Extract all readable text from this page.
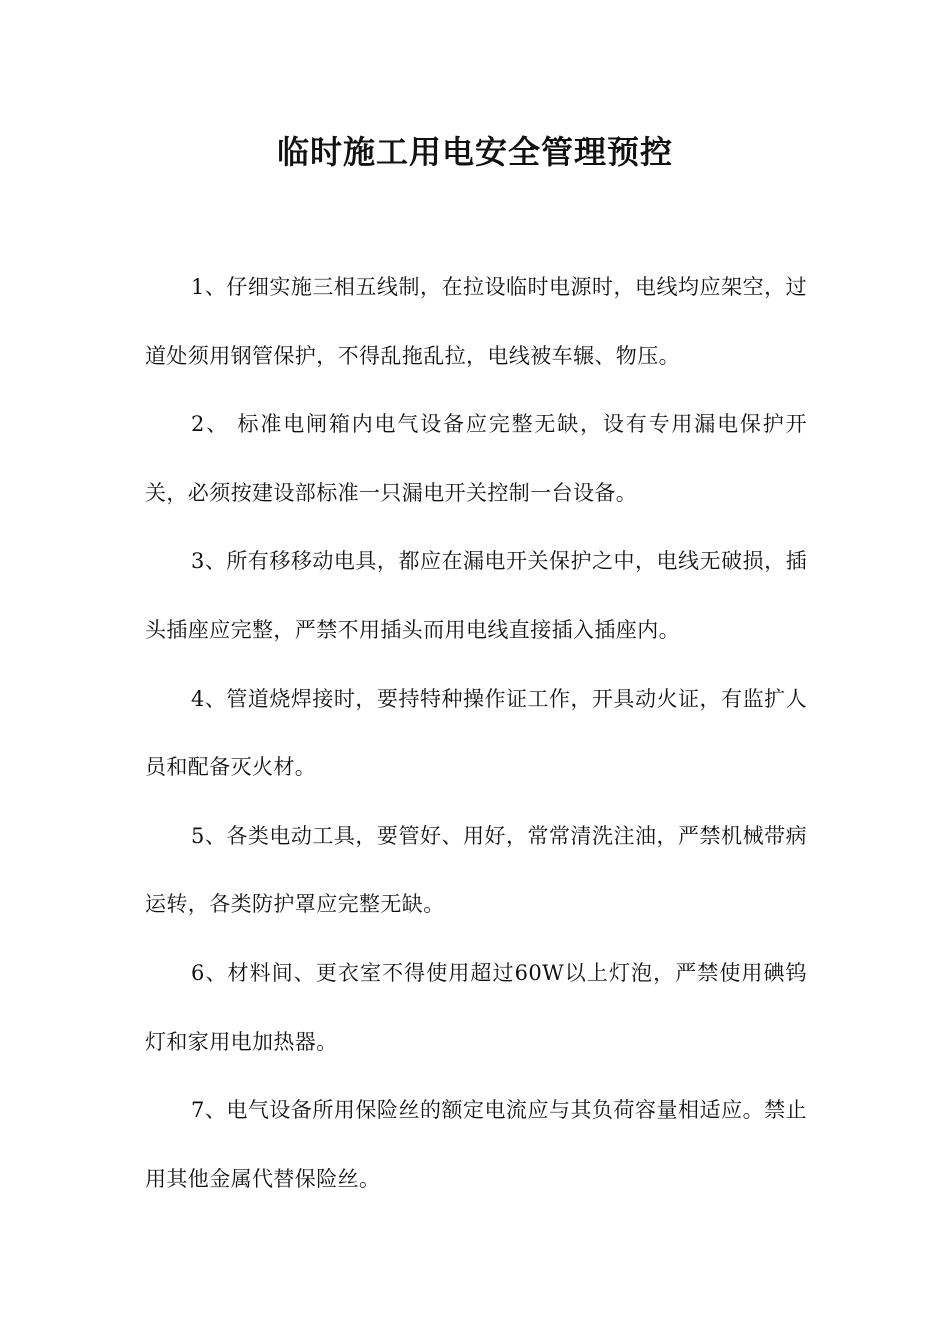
临时施工用电安全管理预控

1、仔细实施三相五线制，在拉设临时电源时，电线均应架空，过道处须用钢管保护，不得乱拖乱拉，电线被车辗、物压。

2、 标准电闸箱内电气设备应完整无缺，设有专用漏电保护开关，必须按建设部标准一只漏电开关控制一台设备。

3、所有移移动电具，都应在漏电开关保护之中，电线无破损，插头插座应完整，严禁不用插头而用电线直接插入插座内。

4、管道烧焊接时，要持特种操作证工作，开具动火证，有监扩人员和配备灭火材。

5、各类电动工具，要管好、用好，常常清洗注油，严禁机械带病运转，各类防护罩应完整无缺。

6、材料间、更衣室不得使用超过60W以上灯泡，严禁使用碘钨灯和家用电加热器。

7、电气设备所用保险丝的额定电流应与其负荷容量相适应。禁止用其他金属代替保险丝。
